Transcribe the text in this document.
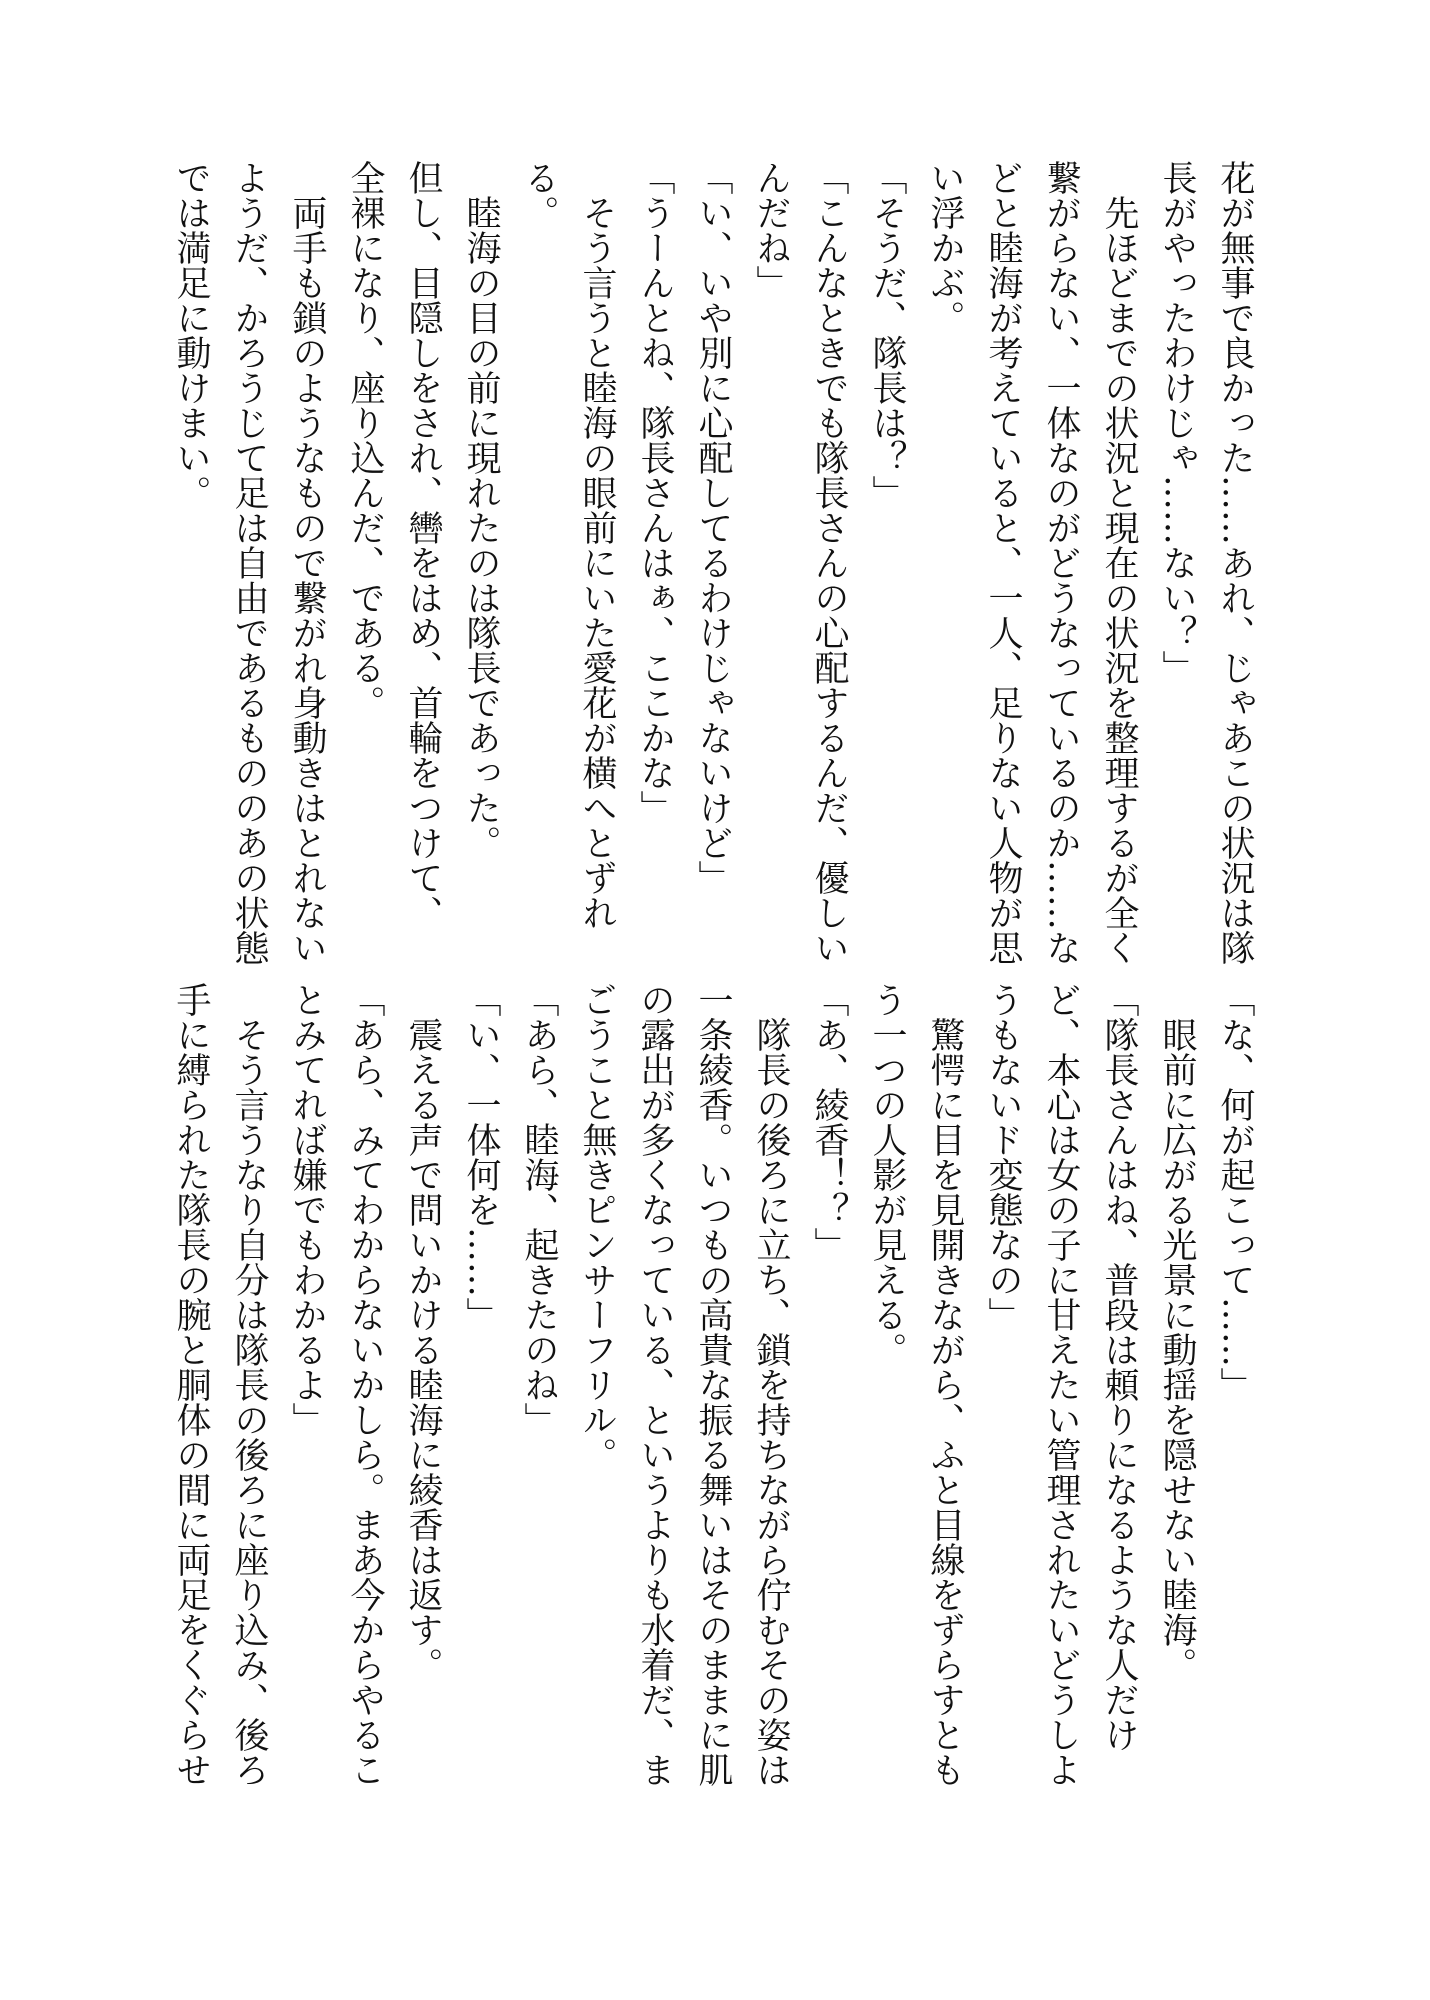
花が無事で良かった……あれ、じゃあこの状況は隊
長がやったわけじゃ……ない？」
　先ほどまでの状況と現在の状況を整理するが全く
繋がらない、一体なのがどうなっているのか……な
どと睦海が考えていると、一人、足りない人物が思
い浮かぶ。
「そうだ、隊長は？」
「こんなときでも隊長さんの心配するんだ、優しい
んだね」
「い、いや別に心配してるわけじゃないけど」
「うーんとね、隊長さんはぁ、ここかな」
　そう言うと睦海の眼前にいた愛花が横へとずれ
る。
　睦海の目の前に現れたのは隊長であった。
但し、目隠しをされ、轡をはめ、首輪をつけて、
全裸になり、座り込んだ、である。
　両手も鎖のようなもので繋がれ身動きはとれない
ようだ、かろうじて足は自由であるもののあの状態
では満足に動けまい。
「な、何が起こって……」
　眼前に広がる光景に動揺を隠せない睦海。
「隊長さんはね、普段は頼りになるような人だけ
ど、本心は女の子に甘えたい管理されたいどうしよ
うもないド変態なの」
　驚愕に目を見開きながら、ふと目線をずらすとも
う一つの人影が見える。
「あ、綾香！？」
　隊長の後ろに立ち、鎖を持ちながら佇むその姿は
一条綾香。いつもの高貴な振る舞いはそのままに肌
の露出が多くなっている、というよりも水着だ、ま
ごうこと無きピンサーフリル。
「あら、睦海、起きたのね」
「い、一体何を……」
　震える声で問いかける睦海に綾香は返す。
「あら、みてわからないかしら。まあ今からやるこ
とみてれば嫌でもわかるよ」
　そう言うなり自分は隊長の後ろに座り込み、後ろ
手に縛られた隊長の腕と胴体の間に両足をくぐらせ
